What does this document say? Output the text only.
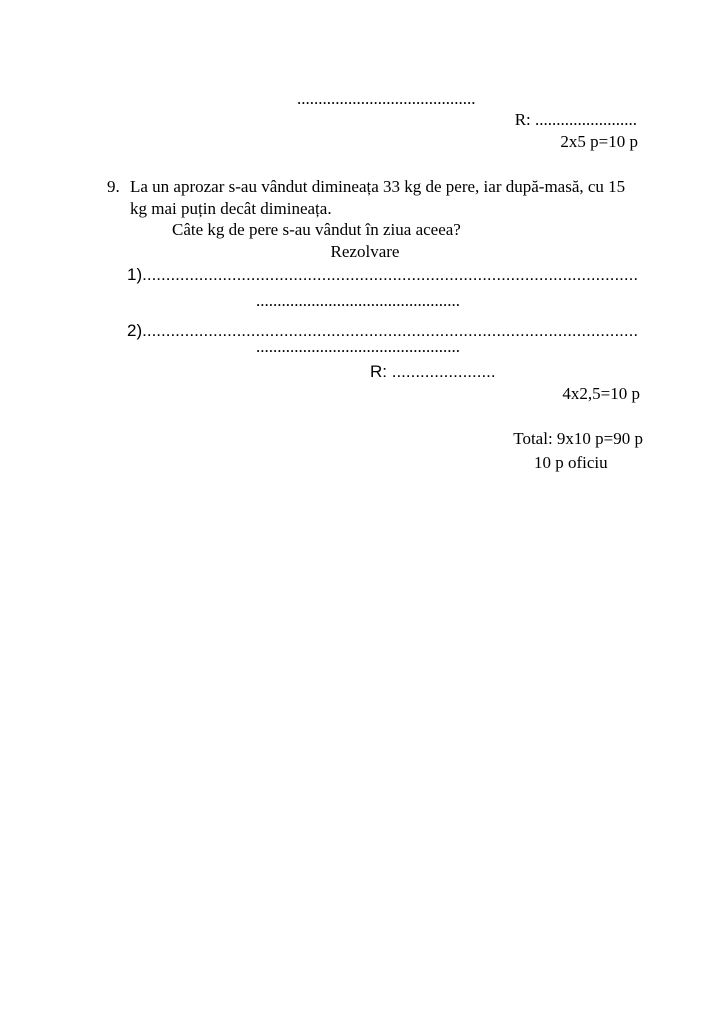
..........................................
R: ........................
2x5 p=10 p
9. La un aprozar s-au vândut dimineața 33 kg de pere, iar după-masă, cu 15
kg mai puțin decât dimineața.
Câte kg de pere s-au vândut în ziua aceea?
Rezolvare
1).........................................................................................................
................................................
2).........................................................................................................
................................................
R: ......................
4x2,5=10 p
Total: 9x10 p=90 p
10 p oficiu
